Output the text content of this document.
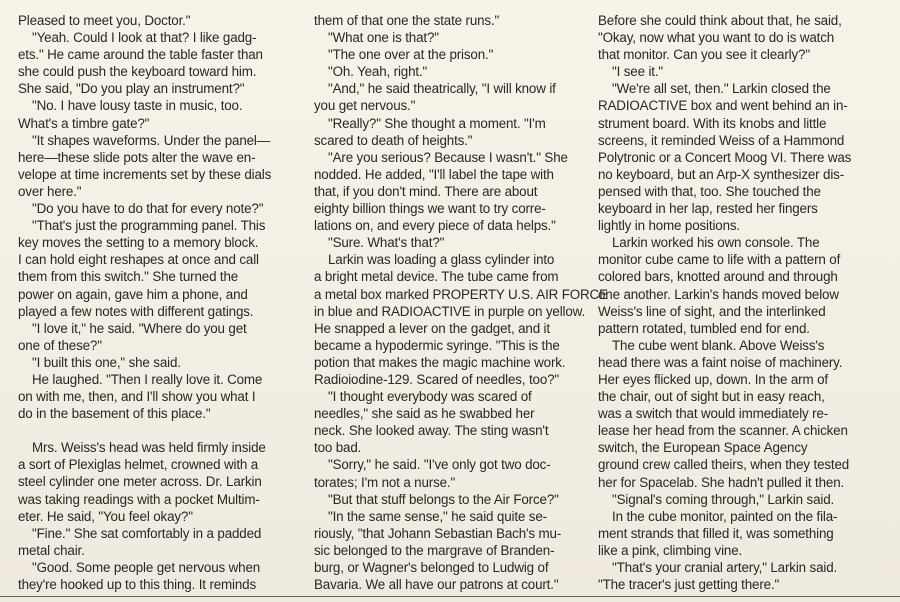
Pleased to meet you, Doctor."
"Yeah. Could I look at that? I like gadg-
ets." He came around the table faster than
she could push the keyboard toward him.
She said, "Do you play an instrument?"
"No. I have lousy taste in music, too.
What's a timbre gate?"
"It shapes waveforms. Under the panel—
here—these slide pots alter the wave en-
velope at time increments set by these dials
over here."
"Do you have to do that for every note?"
"That's just the programming panel. This
key moves the setting to a memory block.
I can hold eight reshapes at once and call
them from this switch." She turned the
power on again, gave him a phone, and
played a few notes with different gatings.
"I love it," he said. "Where do you get
one of these?"
"I built this one," she said.
He laughed. "Then I really love it. Come
on with me, then, and I'll show you what I
do in the basement of this place."
Mrs. Weiss's head was held firmly inside
a sort of Plexiglas helmet, crowned with a
steel cylinder one meter across. Dr. Larkin
was taking readings with a pocket Multim-
eter. He said, "You feel okay?"
"Fine." She sat comfortably in a padded
metal chair.
"Good. Some people get nervous when
they're hooked up to this thing. It reminds
them of that one the state runs."
"What one is that?"
"The one over at the prison."
"Oh. Yeah, right."
"And," he said theatrically, "I will know if
you get nervous."
"Really?" She thought a moment. "I'm
scared to death of heights."
"Are you serious? Because I wasn't." She
nodded. He added, "I'll label the tape with
that, if you don't mind. There are about
eighty billion things we want to try corre-
lations on, and every piece of data helps."
"Sure. What's that?"
Larkin was loading a glass cylinder into
a bright metal device. The tube came from
a metal box marked PROPERTY U.S. AIR FORCE
in blue and RADIOACTIVE in purple on yellow.
He snapped a lever on the gadget, and it
became a hypodermic syringe. "This is the
potion that makes the magic machine work.
Radioiodine-129. Scared of needles, too?"
"I thought everybody was scared of
needles," she said as he swabbed her
neck. She looked away. The sting wasn't
too bad.
"Sorry," he said. "I've only got two doc-
torates; I'm not a nurse."
"But that stuff belongs to the Air Force?"
"In the same sense," he said quite se-
riously, "that Johann Sebastian Bach's mu-
sic belonged to the margrave of Branden-
burg, or Wagner's belonged to Ludwig of
Bavaria. We all have our patrons at court."
Before she could think about that, he said,
"Okay, now what you want to do is watch
that monitor. Can you see it clearly?"
"I see it."
"We're all set, then." Larkin closed the
RADIOACTIVE box and went behind an in-
strument board. With its knobs and little
screens, it reminded Weiss of a Hammond
Polytronic or a Concert Moog VI. There was
no keyboard, but an Arp-X synthesizer dis-
pensed with that, too. She touched the
keyboard in her lap, rested her fingers
lightly in home positions.
Larkin worked his own console. The
monitor cube came to life with a pattern of
colored bars, knotted around and through
one another. Larkin's hands moved below
Weiss's line of sight, and the interlinked
pattern rotated, tumbled end for end.
The cube went blank. Above Weiss's
head there was a faint noise of machinery.
Her eyes flicked up, down. In the arm of
the chair, out of sight but in easy reach,
was a switch that would immediately re-
lease her head from the scanner. A chicken
switch, the European Space Agency
ground crew called theirs, when they tested
her for Spacelab. She hadn't pulled it then.
"Signal's coming through," Larkin said.
In the cube monitor, painted on the fila-
ment strands that filled it, was something
like a pink, climbing vine.
"That's your cranial artery," Larkin said.
"The tracer's just getting there."
